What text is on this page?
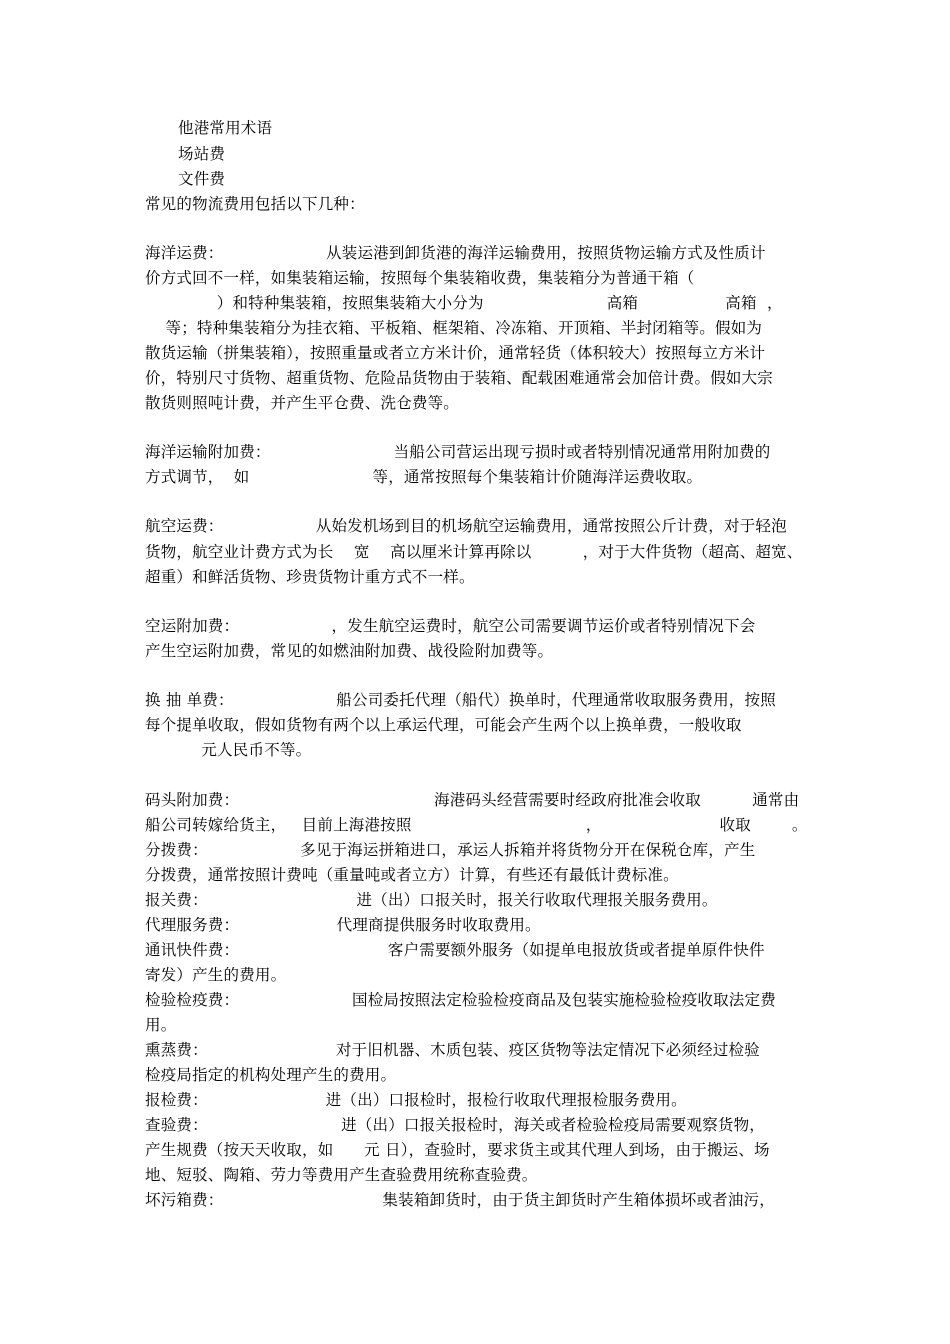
他港常用术语
场站费
文件费
常见的物流费用包括以下几种：
海洋运费：                    从装运港到卸货港的海洋运输费用，按照货物运输方式及性质计
价方式回不一样，如集装箱运输，按照每个集装箱收费，集装箱分为普通干箱（
）和特种集装箱，按照集装箱大小分为                        高箱                 高箱  ，
等；特种集装箱分为挂衣箱、平板箱、框架箱、冷冻箱、开顶箱、半封闭箱等。假如为
散货运输（拼集装箱），按照重量或者立方米计价，通常轻货（体积较大）按照每立方米计
价，特别尺寸货物、超重货物、危险品货物由于装箱、配载困难通常会加倍计费。假如大宗
散货则照吨计费，并产生平仓费、洗仓费等。
海洋运输附加费：                        当船公司营运出现亏损时或者特别情况通常用附加费的
方式调节，  如                        等，通常按照每个集装箱计价随海洋运费收取。
航空运费：                  从始发机场到目的机场航空运输费用，通常按照公斤计费，对于轻泡
货物，航空业计费方式为长    宽    高以厘米计算再除以          ，对于大件货物（超高、超宽、
超重）和鲜活货物、珍贵货物计重方式不一样。
空运附加费：                  ，发生航空运费时，航空公司需要调节运价或者特别情况下会
产生空运附加费，常见的如燃油附加费、战役险附加费等。
换 抽 单费：                    船公司委托代理（船代）换单时，代理通常收取服务费用，按照
每个提单收取，假如货物有两个以上承运代理，可能会产生两个以上换单费，一般收取
元人民币不等。
码头附加费：                                      海港码头经营需要时经政府批准会收取          通常由
船公司转嫁给货主，   目前上海港按照                                  ，                       收取        。
分拨费：                  多见于海运拼箱进口，承运人拆箱并将货物分开在保税仓库，产生
分拨费，通常按照计费吨（重量吨或者立方）计算，有些还有最低计费标准。
报关费：                             进（出）口报关时，报关行收取代理报关服务费用。
代理服务费：                   代理商提供服务时收取费用。
通讯快件费：                             客户需要额外服务（如提单电报放货或者提单原件快件
寄发）产生的费用。
检验检疫费：                      国检局按照法定检验检疫商品及包装实施检验检疫收取法定费
用。
熏蒸费：                         对于旧机器、木质包装、疫区货物等法定情况下必须经过检验
检疫局指定的机构处理产生的费用。
报检费：                       进（出）口报检时，报检行收取代理报检服务费用。
查验费：                          进（出）口报关报检时，海关或者检验检疫局需要观察货物，
产生规费（按天天收取，如      元 日），查验时，要求货主或其代理人到场，由于搬运、场
地、短驳、陶箱、劳力等费用产生查验费用统称查验费。
坏污箱费：                               集装箱卸货时，由于货主卸货时产生箱体损坏或者油污，
